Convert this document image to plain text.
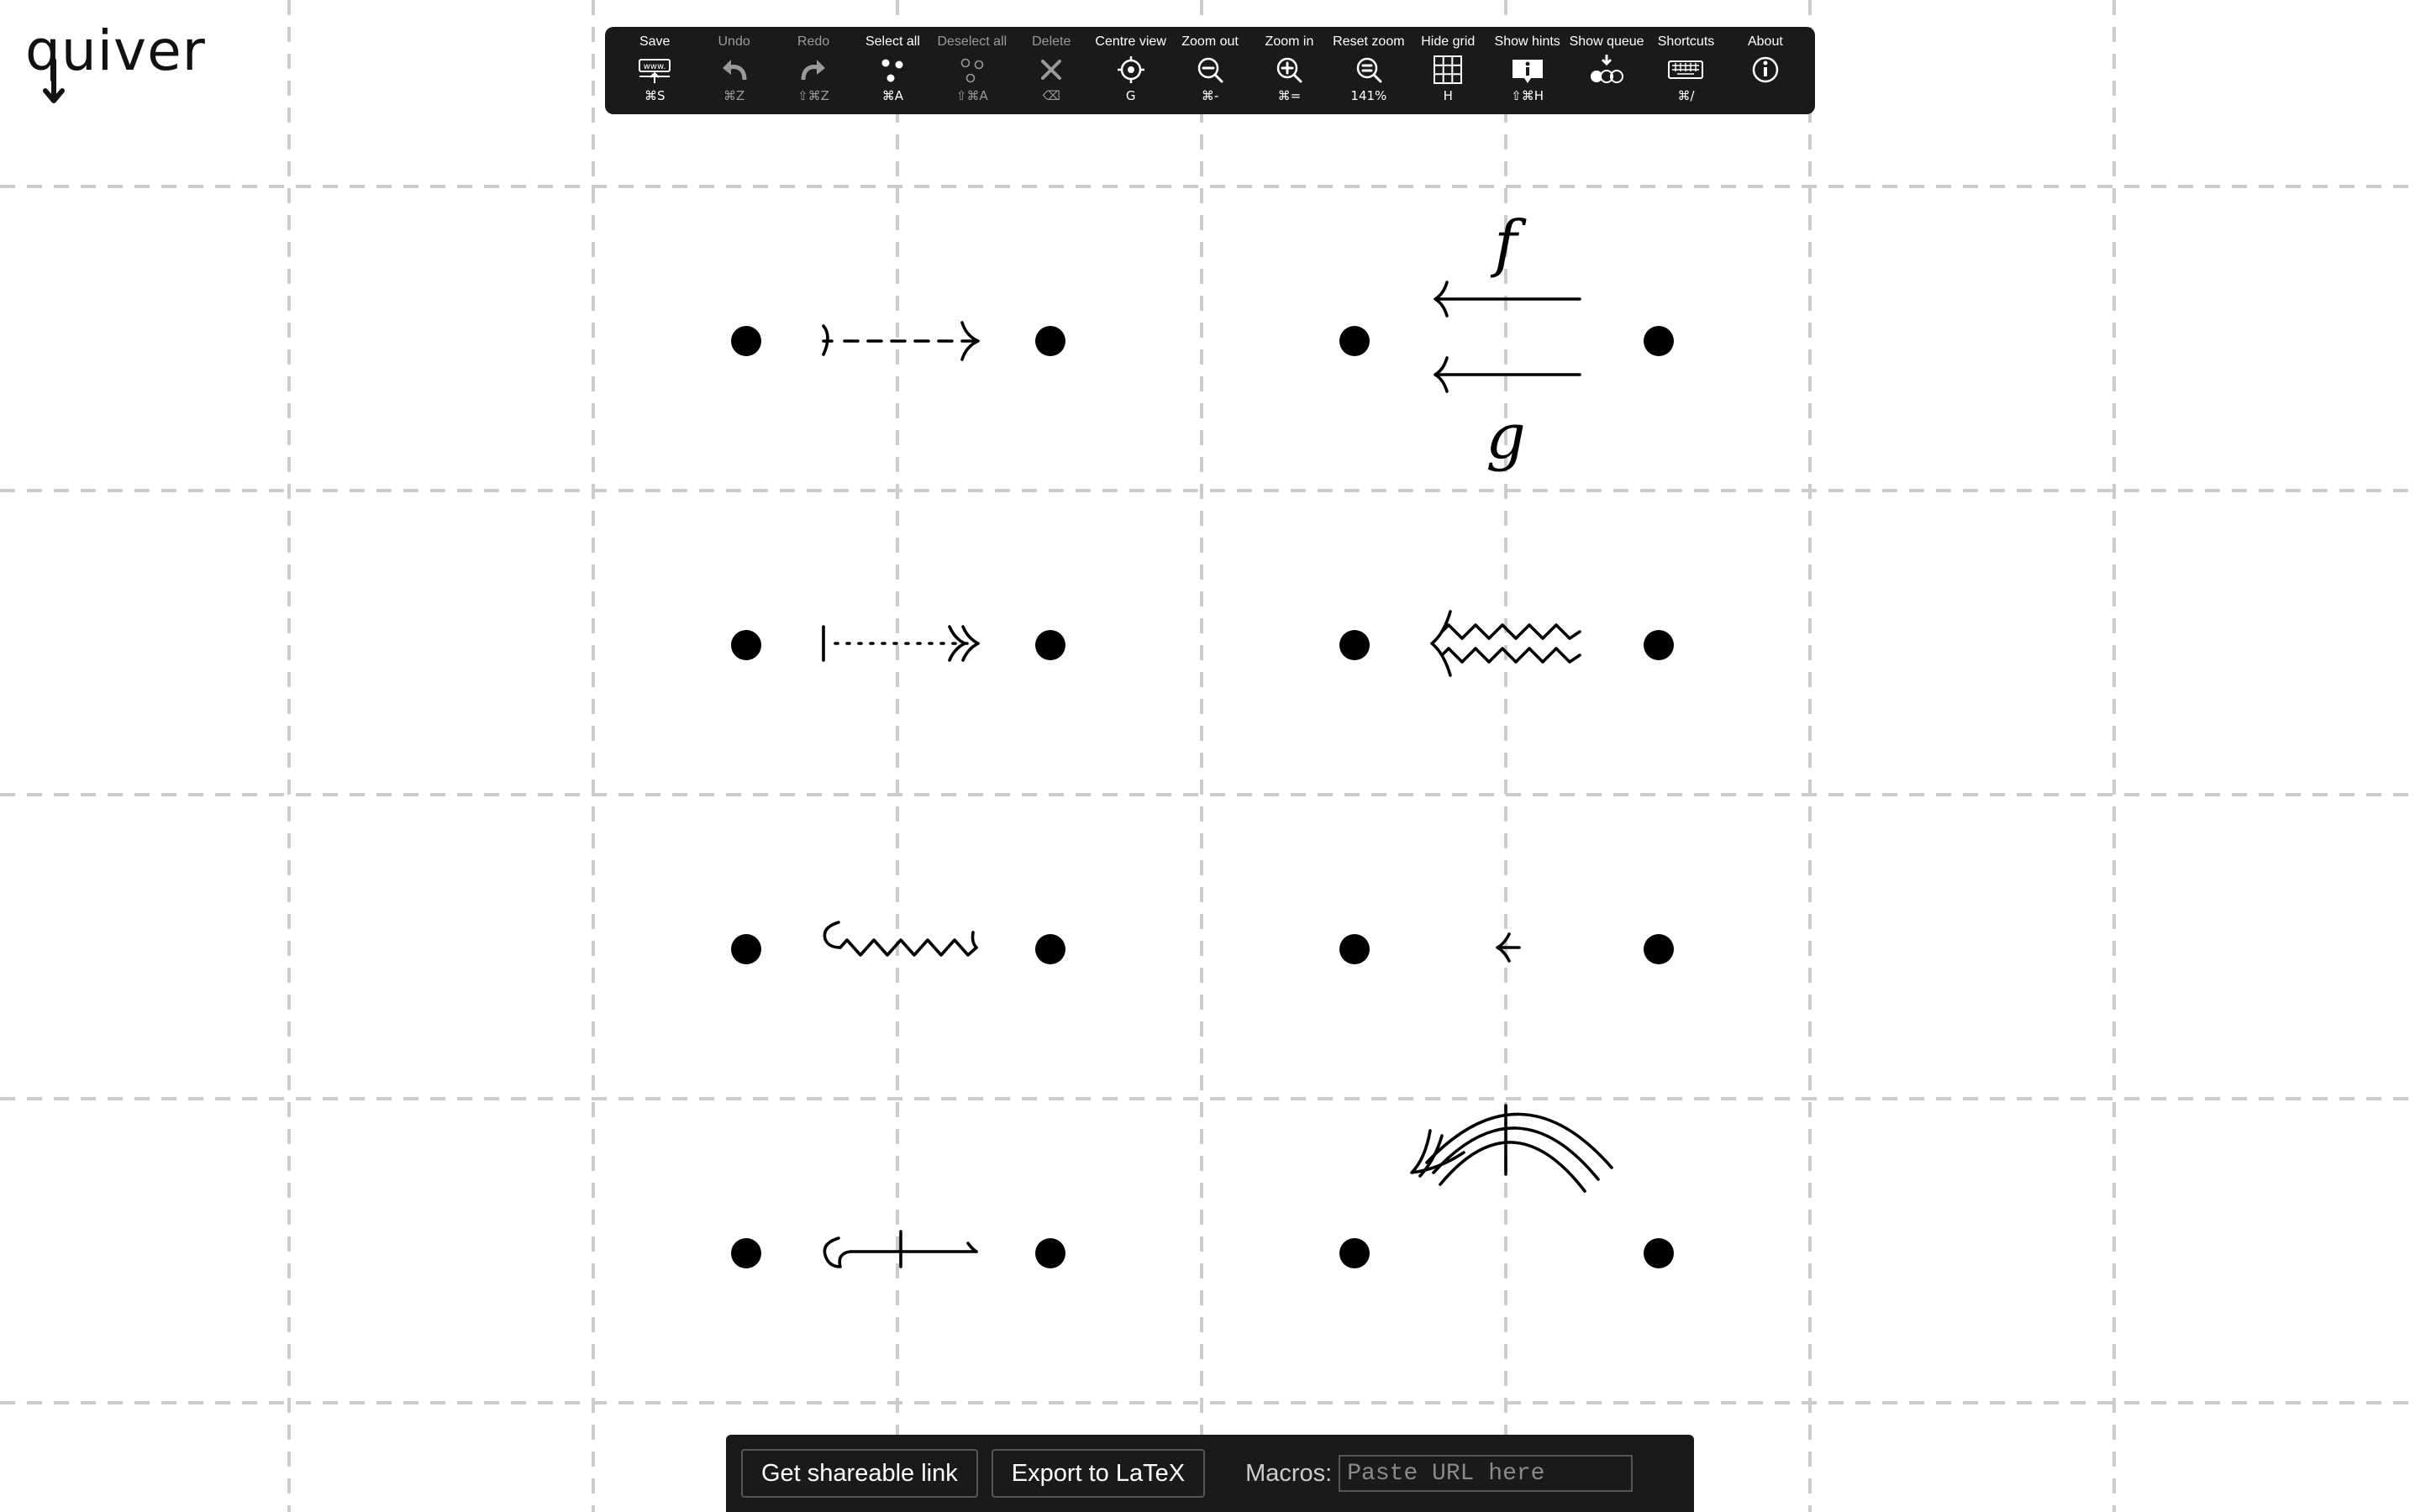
f
g
quiver	Save
www.
⌘S
Undo
⌘Z
Redo
⇧⌘Z
Select all
⌘A
Deselect all
⇧⌘A
Delete
⌫
Centre view
G
Zoom out
⌘-
Zoom in
⌘=
Reset zoom
141%
Hide grid
H
Show hints
⇧⌘H
Show queue Shortcuts
⌘/
About
Get shareable link	Export to LaTeX	Macros:
Paste URL here
